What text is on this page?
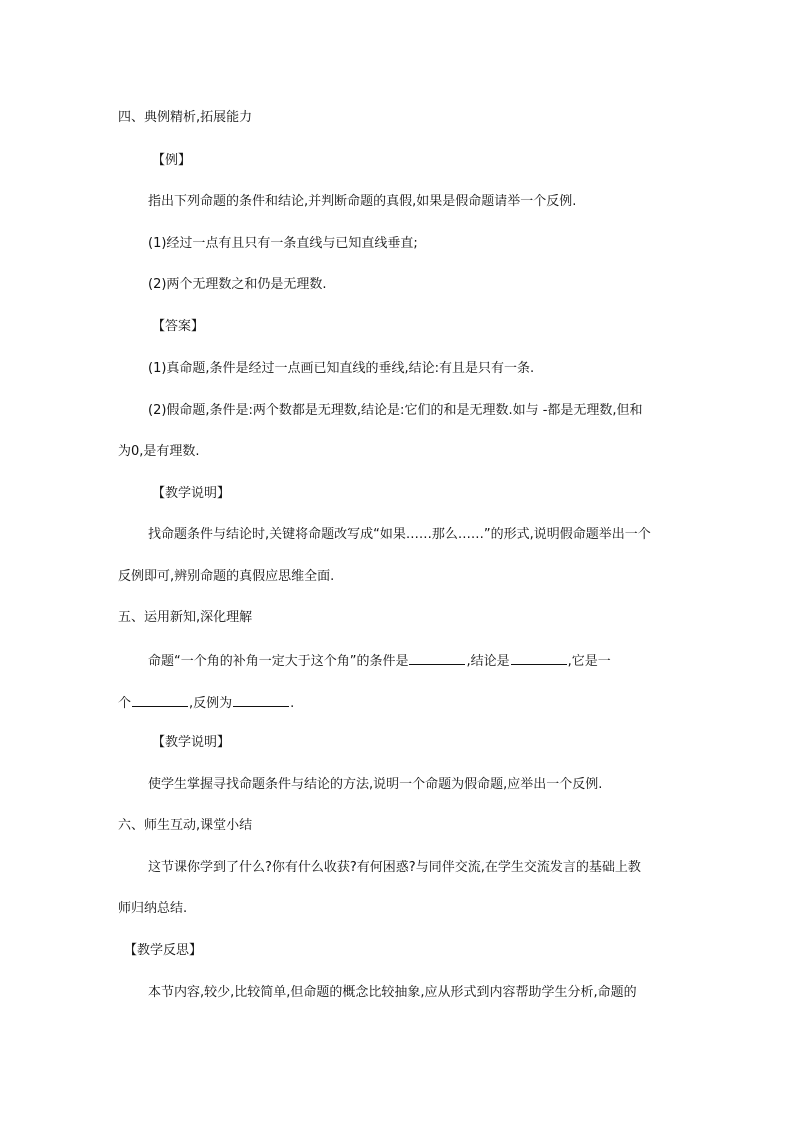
四、典例精析,拓展能力
【例】
指出下列命题的条件和结论,并判断命题的真假,如果是假命题请举一个反例.
(1)经过一点有且只有一条直线与已知直线垂直;
(2)两个无理数之和仍是无理数.
【答案】
(1)真命题,条件是经过一点画已知直线的垂线,结论:有且是只有一条.
(2)假命题,条件是:两个数都是无理数,结论是:它们的和是无理数.如与 -都是无理数,但和
为0,是有理数.
【教学说明】
找命题条件与结论时,关键将命题改写成“如果……那么……”的形式,说明假命题举出一个
反例即可,辨别命题的真假应思维全面.
五、运用新知,深化理解
命题“一个角的补角一定大于这个角”的条件是	,结论是	,它是一
个	,反例为	.
【教学说明】
使学生掌握寻找命题条件与结论的方法,说明一个命题为假命题,应举出一个反例.
六、师生互动,课堂小结
这节课你学到了什么?你有什么收获?有何困惑?与同伴交流,在学生交流发言的基础上教
师归纳总结.
【教学反思】
本节内容,较少,比较简单,但命题的概念比较抽象,应从形式到内容帮助学生分析,命题的
